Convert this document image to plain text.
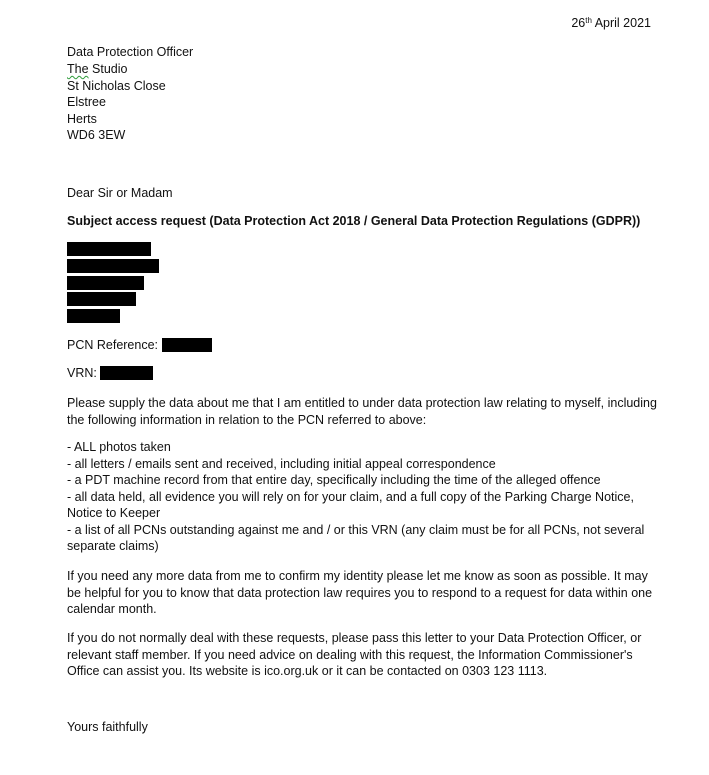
26th April 2021
Data Protection Officer
The Studio
St Nicholas Close
Elstree
Herts
WD6 3EW
Dear Sir or Madam
Subject access request (Data Protection Act 2018 / General Data Protection Regulations (GDPR))
PCN Reference:
VRN:
Please supply the data about me that I am entitled to under data protection law relating to myself, including the following information in relation to the PCN referred to above:
- ALL photos taken
- all letters / emails sent and received, including initial appeal correspondence
- a PDT machine record from that entire day, specifically including the time of the alleged offence
- all data held, all evidence you will rely on for your claim, and a full copy of the Parking Charge Notice, Notice to Keeper
- a list of all PCNs outstanding against me and / or this VRN (any claim must be for all PCNs, not several separate claims)
If you need any more data from me to confirm my identity please let me know as soon as possible. It may be helpful for you to know that data protection law requires you to respond to a request for data within one calendar month.
If you do not normally deal with these requests, please pass this letter to your Data Protection Officer, or relevant staff member. If you need advice on dealing with this request, the Information Commissioner's Office can assist you. Its website is ico.org.uk or it can be contacted on 0303 123 1113.
Yours faithfully
